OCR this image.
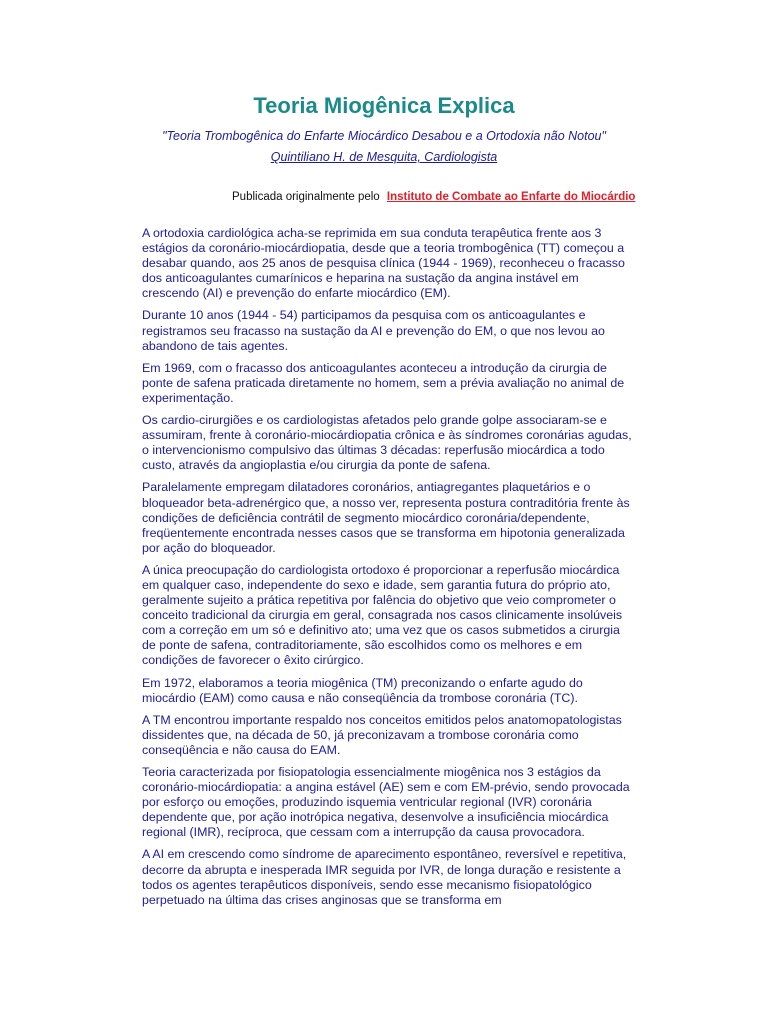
Teoria Miogênica Explica
"Teoria Trombogênica do Enfarte Miocárdico Desabou e a Ortodoxia não Notou"
Quintiliano H. de Mesquita, Cardiologista
Publicada originalmente pelo Instituto de Combate ao Enfarte do Miocárdio

A ortodoxia cardiológica acha-se reprimida em sua conduta terapêutica frente aos 3 estágios da coronário-miocárdiopatia, desde que a teoria trombogênica (TT) começou a desabar quando, aos 25 anos de pesquisa clínica (1944 - 1969), reconheceu o fracasso dos anticoagulantes cumarínicos e heparina na sustação da angina instável em crescendo (AI) e prevenção do enfarte miocárdico (EM).

Durante 10 anos (1944 - 54) participamos da pesquisa com os anticoagulantes e registramos seu fracasso na sustação da AI e prevenção do EM, o que nos levou ao abandono de tais agentes.

Em 1969, com o fracasso dos anticoagulantes aconteceu a introdução da cirurgia de ponte de safena praticada diretamente no homem, sem a prévia avaliação no animal de experimentação.

Os cardio-cirurgiões e os cardiologistas afetados pelo grande golpe associaram-se e assumiram, frente à coronário-miocárdiopatia crônica e às síndromes coronárias agudas, o intervencionismo compulsivo das últimas 3 décadas: reperfusão miocárdica a todo custo, através da angioplastia e/ou cirurgia da ponte de safena.

Paralelamente empregam dilatadores coronários, antiagregantes plaquetários e o bloqueador beta-adrenérgico que, a nosso ver, representa postura contraditória frente às condições de deficiência contrátil de segmento miocárdico coronária/dependente, freqüentemente encontrada nesses casos que se transforma em hipotonia generalizada por ação do bloqueador.

A única preocupação do cardiologista ortodoxo é proporcionar a reperfusão miocárdica em qualquer caso, independente do sexo e idade, sem garantia futura do próprio ato, geralmente sujeito a prática repetitiva por falência do objetivo que veio comprometer o conceito tradicional da cirurgia em geral, consagrada nos casos clinicamente insolúveis com a correção em um só e definitivo ato; uma vez que os casos submetidos a cirurgia de ponte de safena, contraditoriamente, são escolhidos como os melhores e em condições de favorecer o êxito cirúrgico.

Em 1972, elaboramos a teoria miogênica (TM) preconizando o enfarte agudo do miocárdio (EAM) como causa e não conseqüência da trombose coronária (TC).

A TM encontrou importante respaldo nos conceitos emitidos pelos anatomopatologistas dissidentes que, na década de 50, já preconizavam a trombose coronária como conseqüência e não causa do EAM.

Teoria caracterizada por fisiopatologia essencialmente miogênica nos 3 estágios da coronário-miocárdiopatia: a angina estável (AE) sem e com EM-prévio, sendo provocada por esforço ou emoções, produzindo isquemia ventricular regional (IVR) coronária dependente que, por ação inotrópica negativa, desenvolve a insuficiência miocárdica regional (IMR), recíproca, que cessam com a interrupção da causa provocadora.

A AI em crescendo como síndrome de aparecimento espontâneo, reversível e repetitiva, decorre da abrupta e inesperada IMR seguida por IVR, de longa duração e resistente a todos os agentes terapêuticos disponíveis, sendo esse mecanismo fisiopatológico perpetuado na última das crises anginosas que se transforma em
